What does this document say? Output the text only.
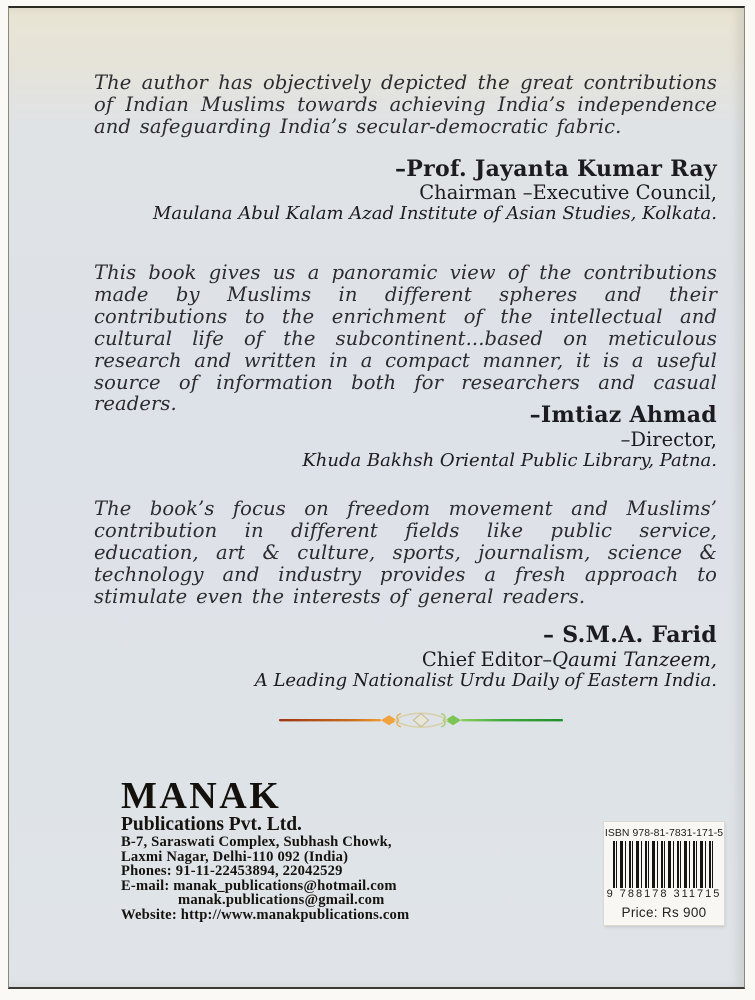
The author has objectively depicted the great contributions of Indian Muslims towards achieving India’s independence and safeguarding India’s secular-democratic fabric.
–Prof. Jayanta Kumar Ray
Chairman –Executive Council,
Maulana Abul Kalam Azad Institute of Asian Studies, Kolkata.
This book gives us a panoramic view of the contributions made by Muslims in different spheres and their contributions to the enrichment of the intellectual and cultural life of the subcontinent...based on meticulous research and written in a compact manner, it is a useful source of information both for researchers and casual readers.	–Imtiaz Ahmad
–Director,
Khuda Bakhsh Oriental Public Library, Patna.
The book’s focus on freedom movement and Muslims’ contribution in different fields like public service, education, art & culture, sports, journalism, science & technology and industry provides a fresh approach to stimulate even the interests of general readers.
– S.M.A. Farid
Chief Editor–Qaumi Tanzeem,
A Leading Nationalist Urdu Daily of Eastern India.
MANAK
Publications Pvt. Ltd.
B-7, Saraswati Complex, Subhash Chowk,
Laxmi Nagar, Delhi-110 092 (India)
Phones: 91-11-22453894, 22042529
E-mail: manak_publications@hotmail.com
manak.publications@gmail.com
Website: http://www.manakpublications.com
ISBN 978-81-7831-171-5
9 788178 311715
Price: Rs 900
